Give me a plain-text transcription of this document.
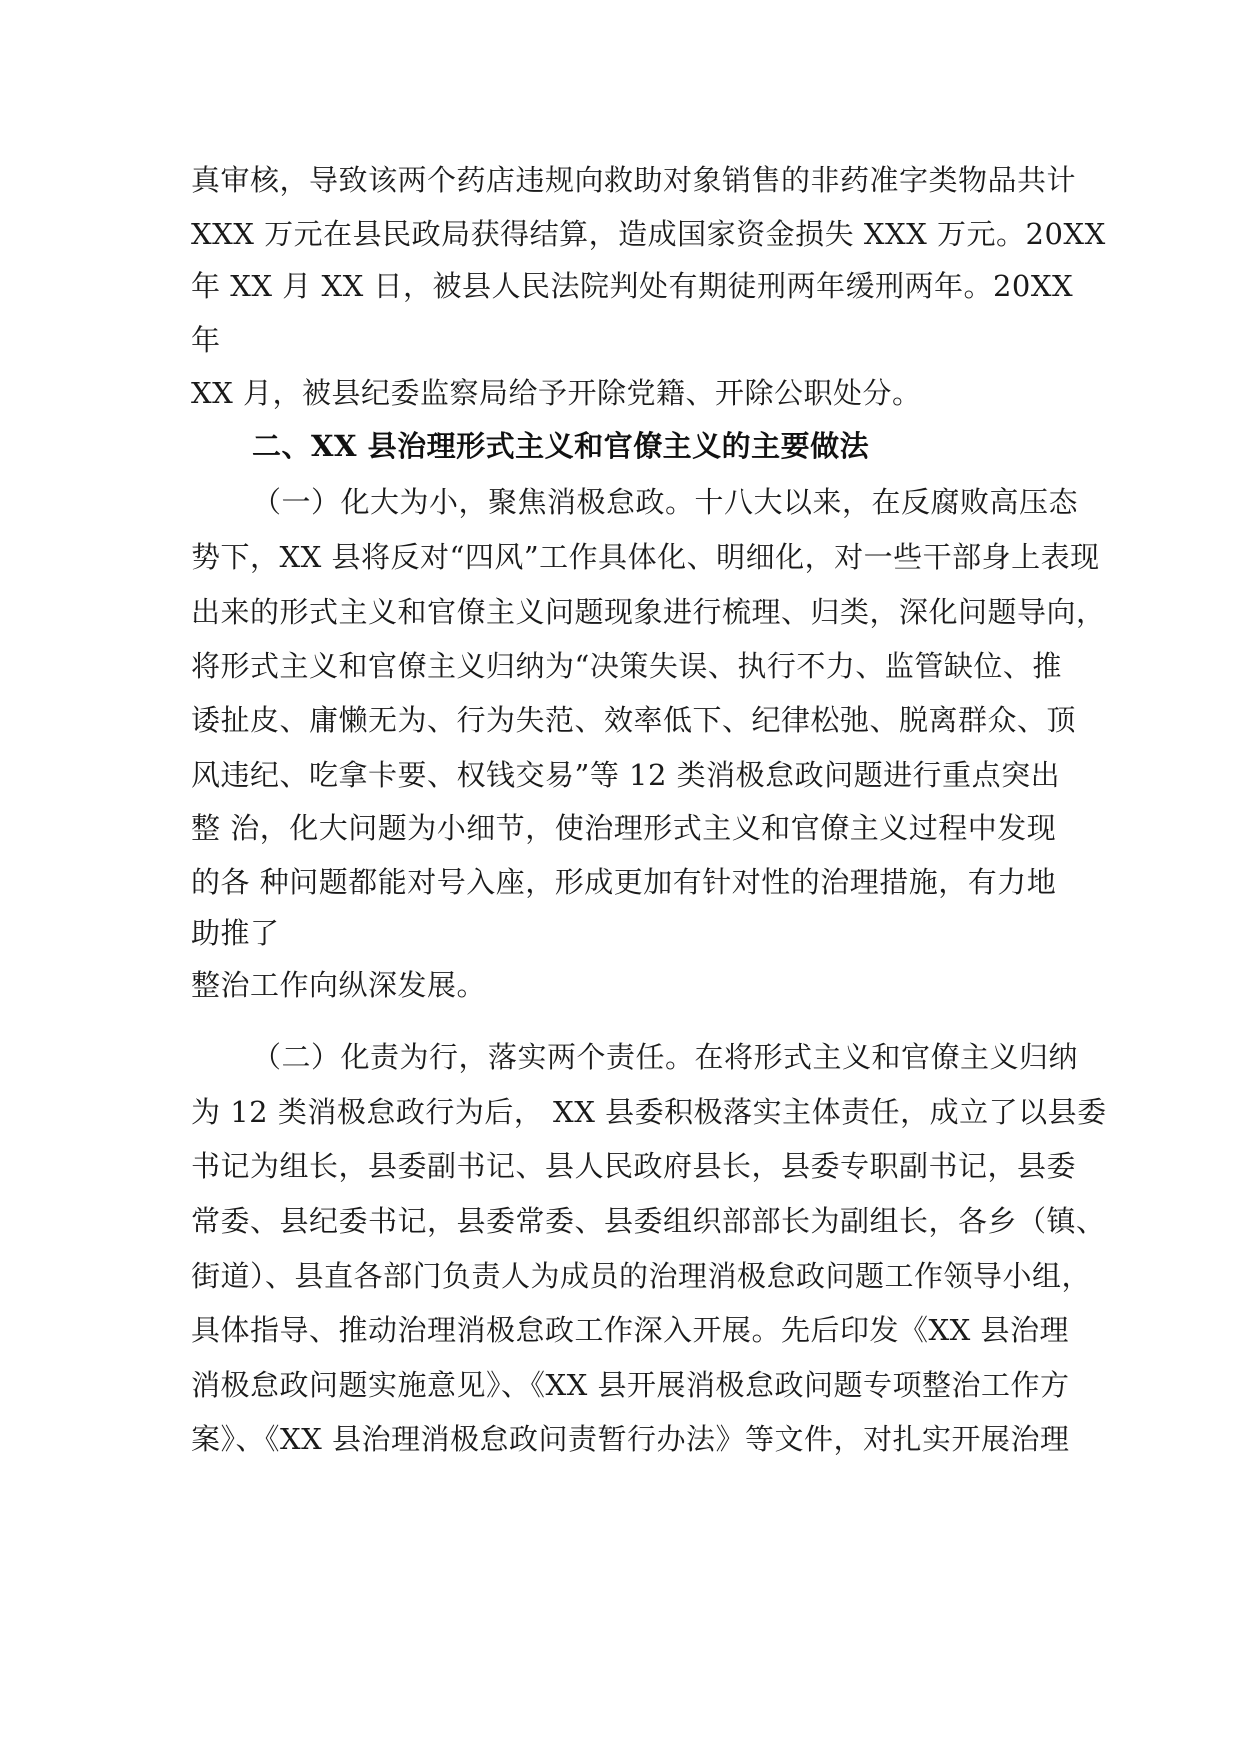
真审核，导致该两个药店违规向救助对象销售的非药准字类物品共计
XXX 万元在县民政局获得结算，造成国家资金损失 XXX 万元。20XX
年 XX 月 XX 日，被县人民法院判处有期徒刑两年缓刑两年。20XX
年
XX 月，被县纪委监察局给予开除党籍、开除公职处分。
二、XX 县治理形式主义和官僚主义的主要做法
（一）化大为小，聚焦消极怠政。十八大以来，在反腐败高压态
势下，XX 县将反对“四风”工作具体化、明细化，对一些干部身上表现
出来的形式主义和官僚主义问题现象进行梳理、归类，深化问题导向，
将形式主义和官僚主义归纳为“决策失误、执行不力、监管缺位、推
诿扯皮、庸懒无为、行为失范、效率低下、纪律松弛、脱离群众、顶
风违纪、吃拿卡要、权钱交易”等 12 类消极怠政问题进行重点突出
整 治，化大问题为小细节，使治理形式主义和官僚主义过程中发现
的各 种问题都能对号入座，形成更加有针对性的治理措施，有力地
助推了
整治工作向纵深发展。
（二）化责为行，落实两个责任。在将形式主义和官僚主义归纳
为 12 类消极怠政行为后， XX 县委积极落实主体责任，成立了以县委
书记为组长，县委副书记、县人民政府县长，县委专职副书记，县委
常委、县纪委书记，县委常委、县委组织部部长为副组长，各乡（镇、
街道）、县直各部门负责人为成员的治理消极怠政问题工作领导小组，
具体指导、推动治理消极怠政工作深入开展。先后印发《XX 县治理
消极怠政问题实施意见》、《XX 县开展消极怠政问题专项整治工作方
案》、《XX 县治理消极怠政问责暂行办法》等文件，对扎实开展治理
